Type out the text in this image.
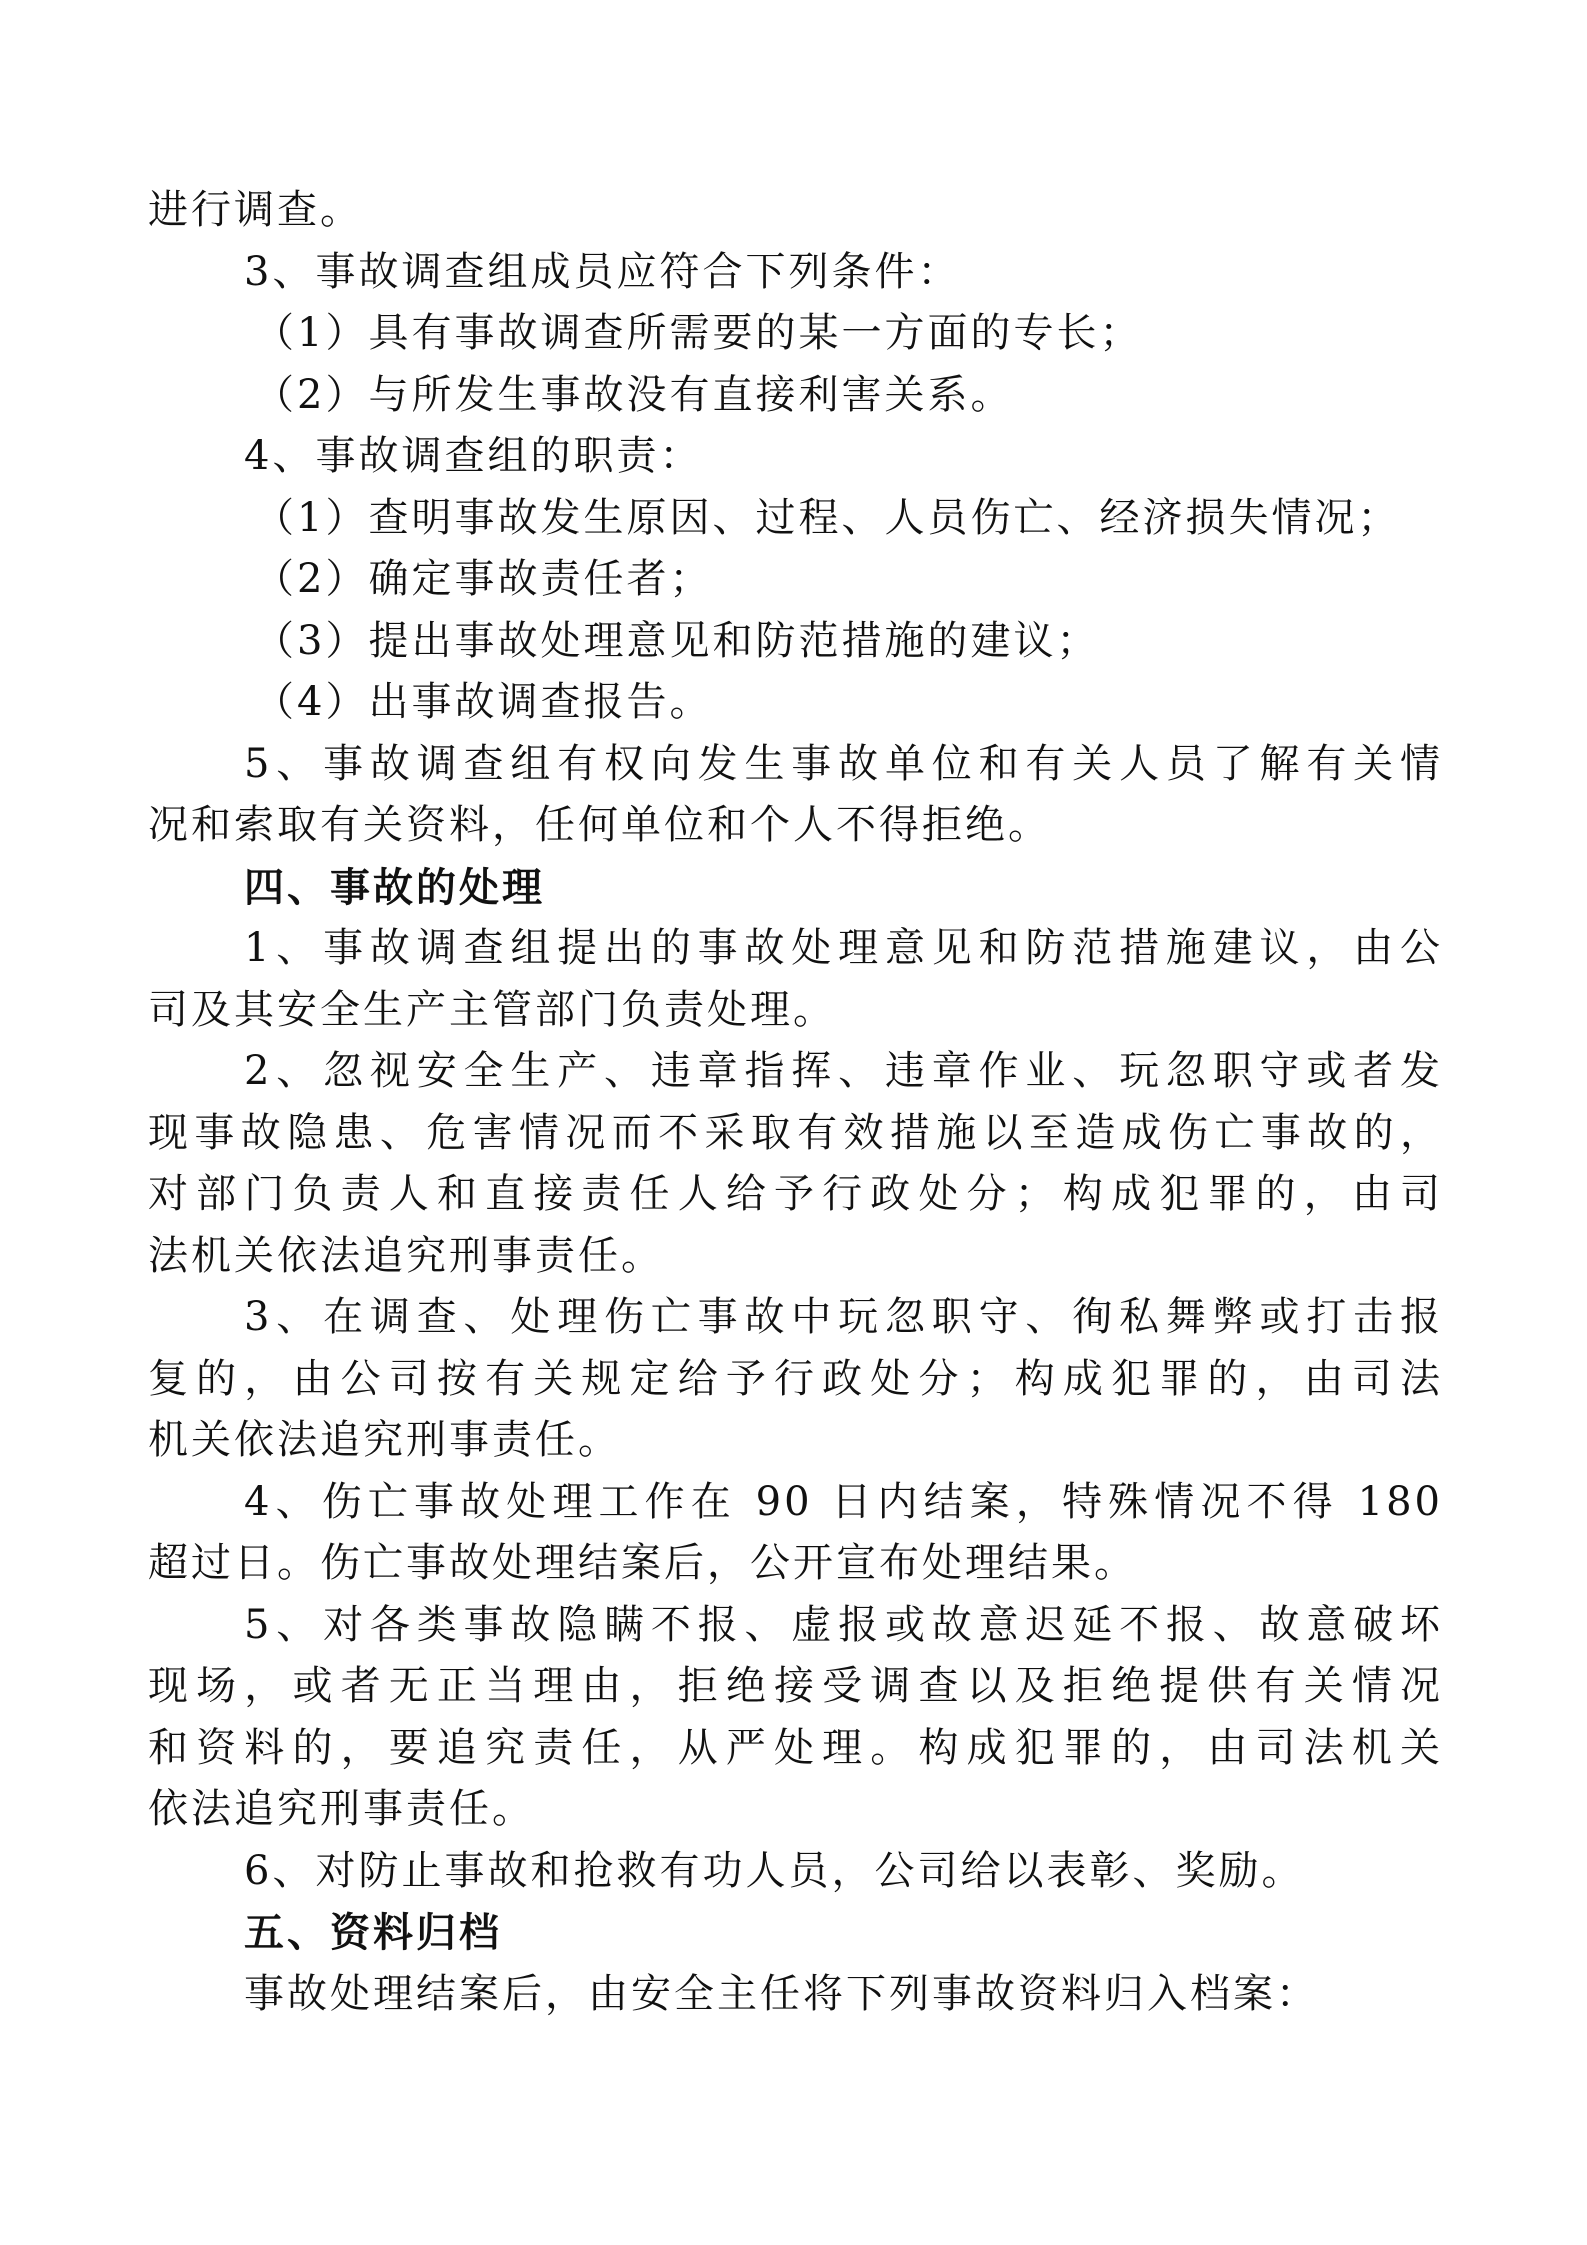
进行调查。
3、事故调查组成员应符合下列条件：
（1）具有事故调查所需要的某一方面的专长；
（2）与所发生事故没有直接利害关系。
4、事故调查组的职责：
（1）查明事故发生原因、过程、人员伤亡、经济损失情况；
（2）确定事故责任者；
（3）提出事故处理意见和防范措施的建议；
（4）出事故调查报告。
5、事故调查组有权向发生事故单位和有关人员了解有关情
况和索取有关资料，任何单位和个人不得拒绝。
四、事故的处理
1、事故调查组提出的事故处理意见和防范措施建议，由公
司及其安全生产主管部门负责处理。
2、忽视安全生产、违章指挥、违章作业、玩忽职守或者发
现事故隐患、危害情况而不采取有效措施以至造成伤亡事故的，
对部门负责人和直接责任人给予行政处分；构成犯罪的，由司
法机关依法追究刑事责任。
3、在调查、处理伤亡事故中玩忽职守、徇私舞弊或打击报
复的，由公司按有关规定给予行政处分；构成犯罪的，由司法
机关依法追究刑事责任。
4、伤亡事故处理工作在 90 日内结案，特殊情况不得 180
超过日。伤亡事故处理结案后，公开宣布处理结果。
5、对各类事故隐瞒不报、虚报或故意迟延不报、故意破坏
现场，或者无正当理由，拒绝接受调查以及拒绝提供有关情况
和资料的，要追究责任，从严处理。构成犯罪的，由司法机关
依法追究刑事责任。
6、对防止事故和抢救有功人员，公司给以表彰、奖励。
五、资料归档
事故处理结案后，由安全主任将下列事故资料归入档案：
